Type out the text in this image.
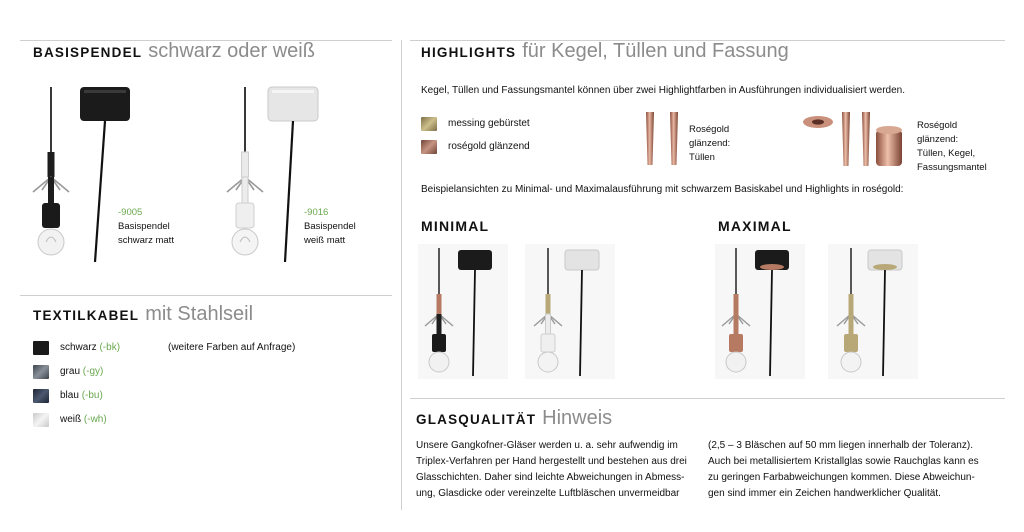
BASISPENDEL schwarz oder weiß
-9005
Basispendel
schwarz matt
-9016
Basispendel
weiß matt
TEXTILKABEL mit Stahlseil
schwarz (-bk)	(weitere Farben auf Anfrage)
grau (-gy)
blau (-bu)
weiß (-wh)
HIGHLIGHTS für Kegel, Tüllen und Fassung
Kegel, Tüllen und Fassungsmantel können über zwei Highlightfarben in Ausführungen individualisiert werden.
messing gebürstet
roségold glänzend
Roségold
glänzend:
Tüllen
Roségold
glänzend:
Tüllen, Kegel,
Fassungsmantel
Beispielansichten zu Minimal- und Maximalausführung mit schwarzem Basiskabel und Highlights in roségold:
MINIMAL	MAXIMAL
GLASQUALITÄT Hinweis
Unsere Gangkofner-Gläser werden u. a. sehr aufwendig im
Triplex-Verfahren per Hand hergestellt und bestehen aus drei
Glasschichten. Daher sind leichte Abweichungen in Abmess-
ung, Glasdicke oder vereinzelte Luftbläschen unvermeidbar
(2,5 – 3 Bläschen auf 50 mm liegen innerhalb der Toleranz).
Auch bei metallisiertem Kristallglas sowie Rauchglas kann es
zu geringen Farbabweichungen kommen. Diese Abweichun-
gen sind immer ein Zeichen handwerklicher Qualität.
